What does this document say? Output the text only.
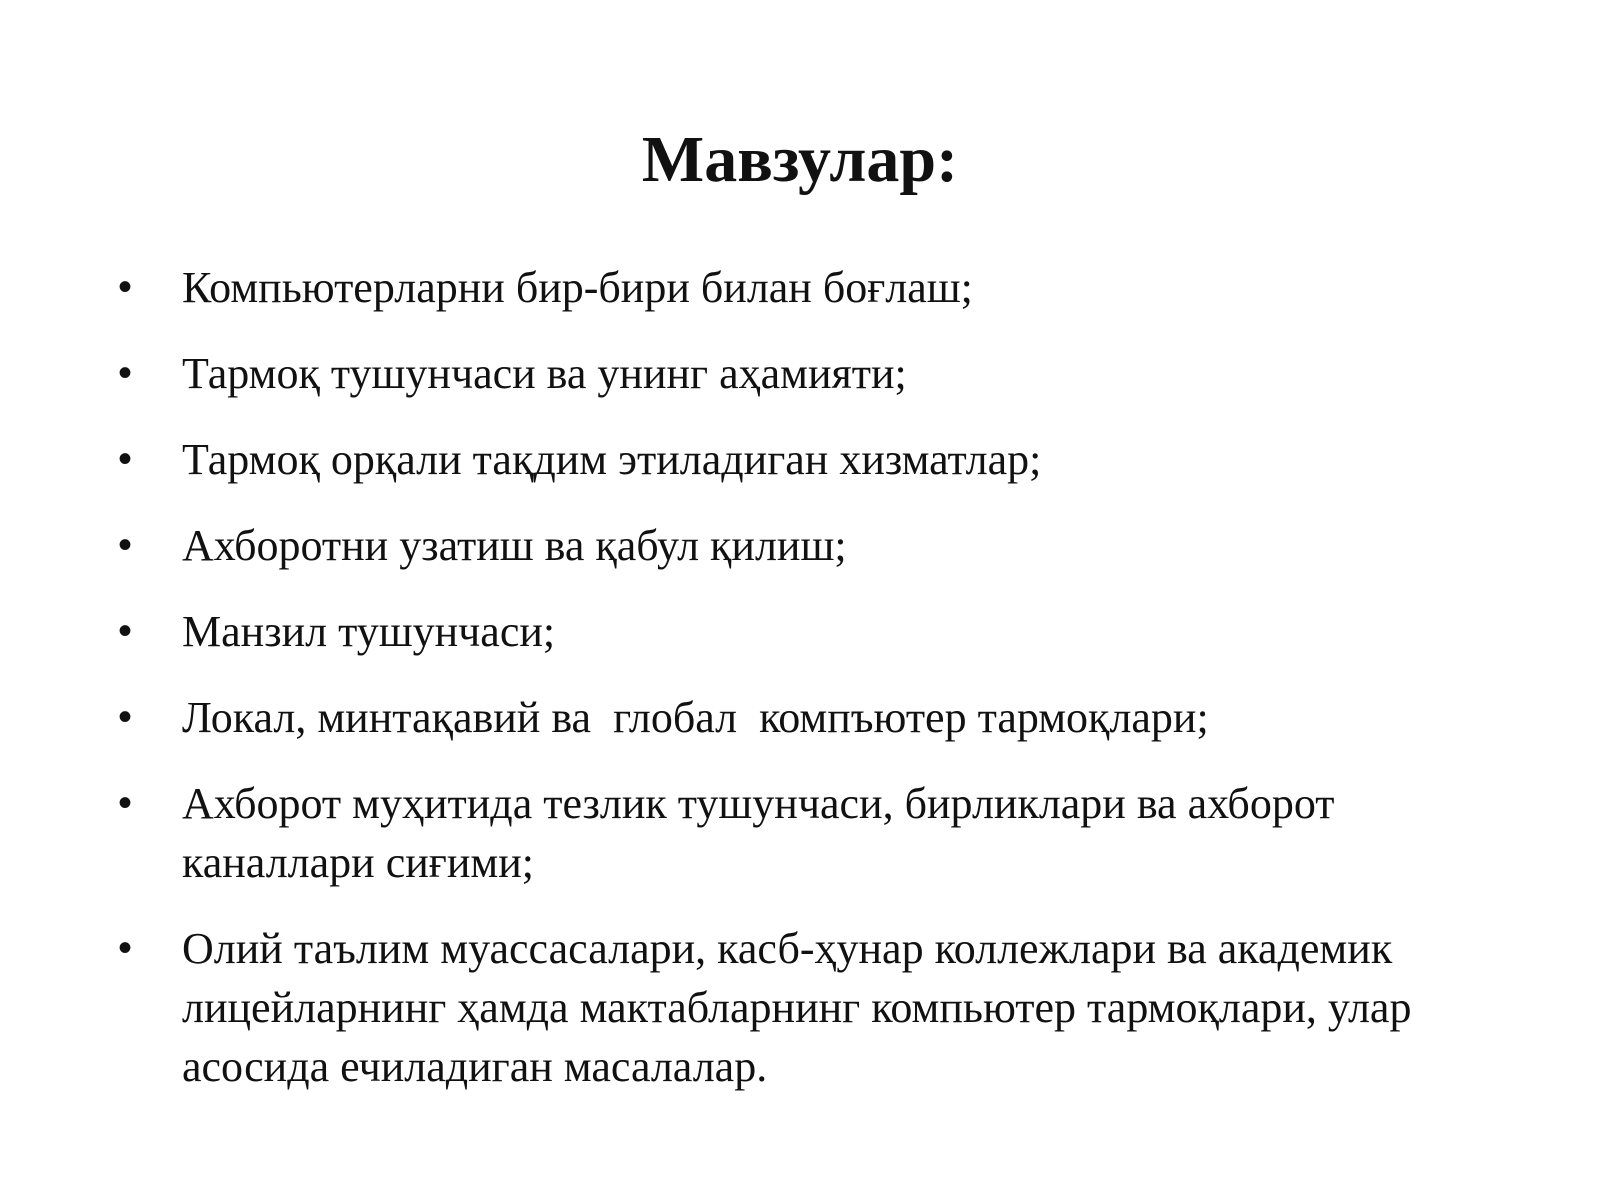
Мавзулар:
• Компьютерларни бир-бири билан боғлаш;
• Тармоқ тушунчаси ва унинг аҳамияти;
• Тармоқ орқали тақдим этиладиган хизматлар;
• Ахборотни узатиш ва қабул қилиш;
• Манзил тушунчаси;
• Локал, минтақавий ва  глобал  компъютер тармоқлари;
• Ахборот муҳитида тезлик тушунчаси, бирликлари ва ахборот каналлари сиғими;
• Олий таълим муассасалари, касб-ҳунар коллежлари ва академик лицейларнинг ҳамда мактабларнинг компьютер тармоқлари, улар асосида ечиладиган масалалар.
